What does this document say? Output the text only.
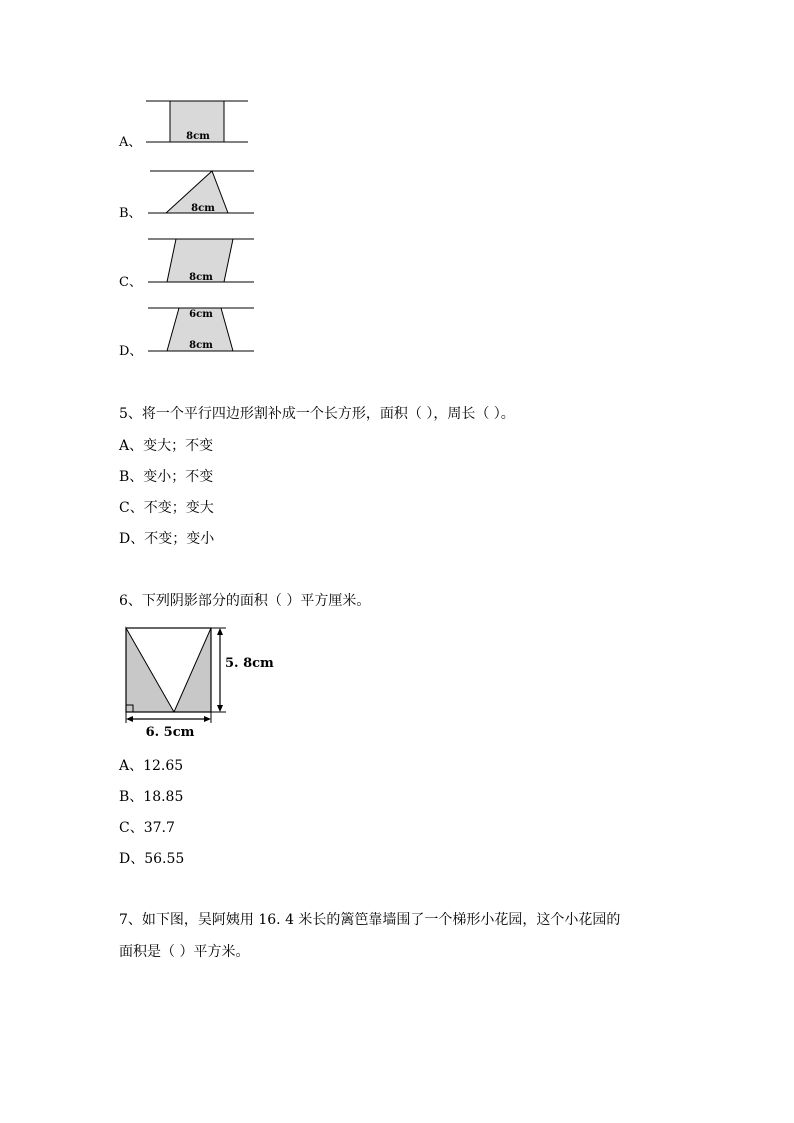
A、	8cm
B、	8cm
C、	8cm
D、
6cm
8cm
5、将一个平行四边形割补成一个长方形，面积（ ），周长（ ）。
A、变大；不变
B、变小；不变
C、不变；变大
D、不变；变小
6、下列阴影部分的面积（ ）平方厘米。
5. 8cm
6. 5cm
A、12.65
B、18.85
C、37.7
D、56.55
7、如下图，吴阿姨用 16. 4 米长的篱笆靠墙围了一个梯形小花园，这个小花园的
面积是（ ）平方米。
